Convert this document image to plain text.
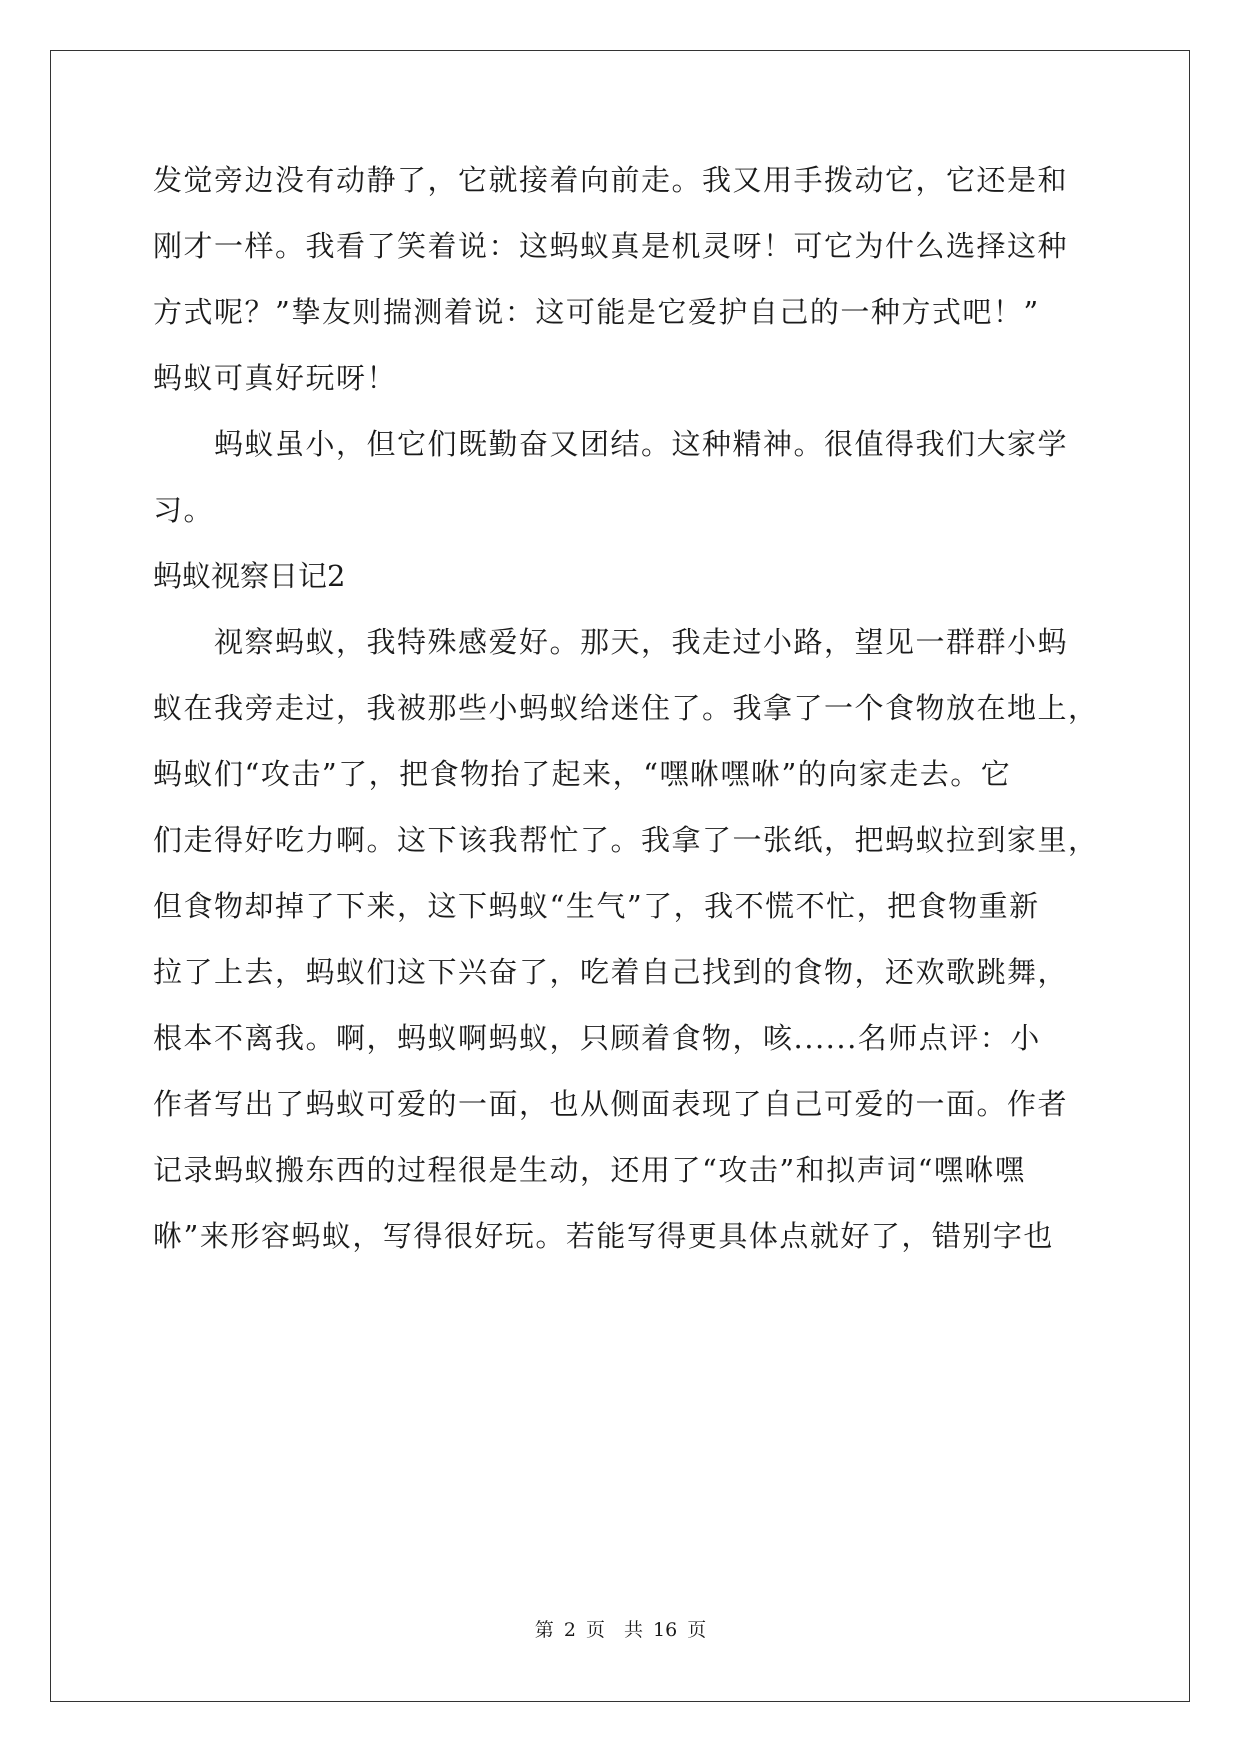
发觉旁边没有动静了，它就接着向前走。我又用手拨动它，它还是和
刚才一样。我看了笑着说：这蚂蚁真是机灵呀！可它为什么选择这种
方式呢？”挚友则揣测着说：这可能是它爱护自己的一种方式吧！”
蚂蚁可真好玩呀！
　　蚂蚁虽小，但它们既勤奋又团结。这种精神。很值得我们大家学
习。
蚂蚁视察日记2
　　视察蚂蚁，我特殊感爱好。那天，我走过小路，望见一群群小蚂
蚁在我旁走过，我被那些小蚂蚁给迷住了。我拿了一个食物放在地上，
蚂蚁们“攻击”了，把食物抬了起来，“嘿咻嘿咻”的向家走去。它
们走得好吃力啊。这下该我帮忙了。我拿了一张纸，把蚂蚁拉到家里，
但食物却掉了下来，这下蚂蚁“生气”了，我不慌不忙，把食物重新
拉了上去，蚂蚁们这下兴奋了，吃着自己找到的食物，还欢歌跳舞，
根本不离我。啊，蚂蚁啊蚂蚁，只顾着食物，咳......名师点评：小
作者写出了蚂蚁可爱的一面，也从侧面表现了自己可爱的一面。作者
记录蚂蚁搬东西的过程很是生动，还用了“攻击”和拟声词“嘿咻嘿
咻”来形容蚂蚁，写得很好玩。若能写得更具体点就好了，错别字也
第 2 页　共 16 页
